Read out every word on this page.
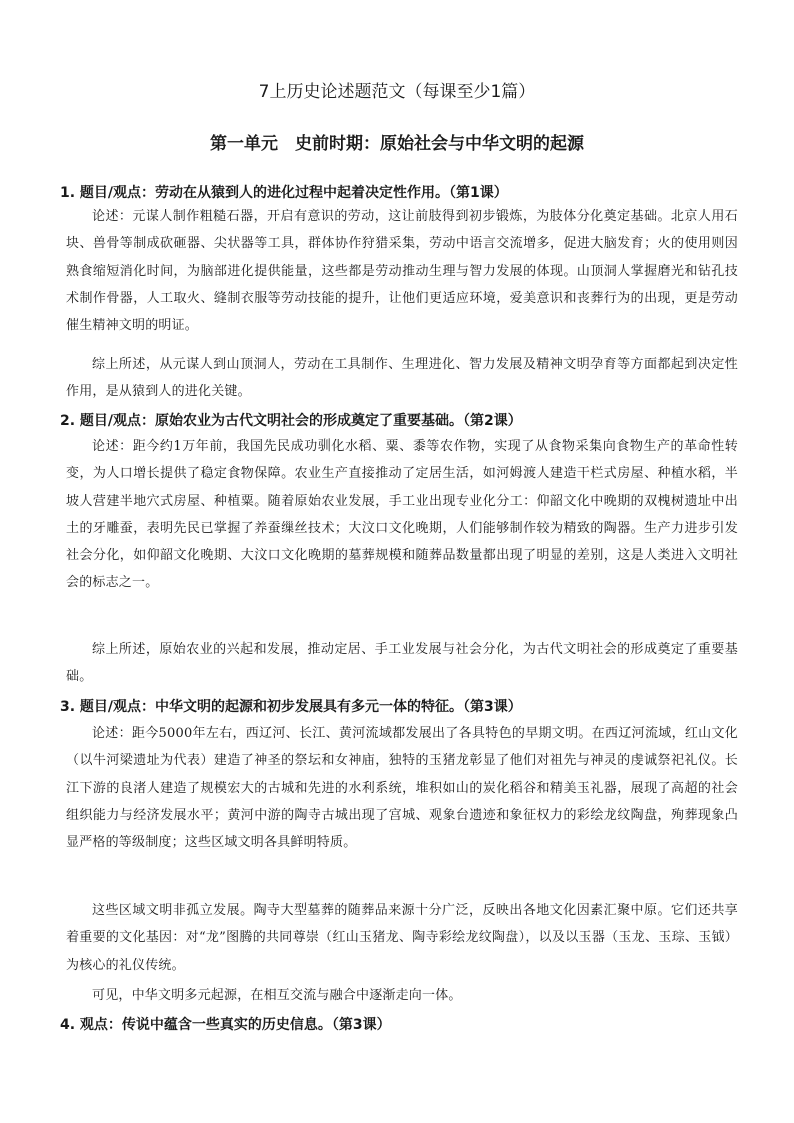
7上历史论述题范文（每课至少1篇）
第一单元　史前时期：原始社会与中华文明的起源
1. 题目/观点：劳动在从猿到人的进化过程中起着决定性作用。（第1课）
论述：元谋人制作粗糙石器，开启有意识的劳动，这让前肢得到初步锻炼，为肢体分化奠定基础。北京人用石块、兽骨等制成砍砸器、尖状器等工具，群体协作狩猎采集，劳动中语言交流增多，促进大脑发育；火的使用则因熟食缩短消化时间，为脑部进化提供能量，这些都是劳动推动生理与智力发展的体现。山顶洞人掌握磨光和钻孔技术制作骨器，人工取火、缝制衣服等劳动技能的提升，让他们更适应环境，爱美意识和丧葬行为的出现，更是劳动催生精神文明的明证。
综上所述，从元谋人到山顶洞人，劳动在工具制作、生理进化、智力发展及精神文明孕育等方面都起到决定性作用，是从猿到人的进化关键。
2. 题目/观点：原始农业为古代文明社会的形成奠定了重要基础。（第2课）
论述：距今约1万年前，我国先民成功驯化水稻、粟、黍等农作物，实现了从食物采集向食物生产的革命性转变，为人口增长提供了稳定食物保障。农业生产直接推动了定居生活，如河姆渡人建造干栏式房屋、种植水稻，半坡人营建半地穴式房屋、种植粟。随着原始农业发展，手工业出现专业化分工：仰韶文化中晚期的双槐树遗址中出土的牙雕蚕，表明先民已掌握了养蚕缫丝技术；大汶口文化晚期，人们能够制作较为精致的陶器。生产力进步引发社会分化，如仰韶文化晚期、大汶口文化晚期的墓葬规模和随葬品数量都出现了明显的差别，这是人类进入文明社会的标志之一。
综上所述，原始农业的兴起和发展，推动定居、手工业发展与社会分化，为古代文明社会的形成奠定了重要基础。
3. 题目/观点：中华文明的起源和初步发展具有多元一体的特征。（第3课）
论述：距今5000年左右，西辽河、长江、黄河流域都发展出了各具特色的早期文明。在西辽河流域，红山文化（以牛河梁遗址为代表）建造了神圣的祭坛和女神庙，独特的玉猪龙彰显了他们对祖先与神灵的虔诚祭祀礼仪。长江下游的良渚人建造了规模宏大的古城和先进的水利系统，堆积如山的炭化稻谷和精美玉礼器，展现了高超的社会组织能力与经济发展水平；黄河中游的陶寺古城出现了宫城、观象台遗迹和象征权力的彩绘龙纹陶盘，殉葬现象凸显严格的等级制度；这些区域文明各具鲜明特质。
这些区域文明非孤立发展。陶寺大型墓葬的随葬品来源十分广泛，反映出各地文化因素汇聚中原。它们还共享着重要的文化基因：对“龙”图腾的共同尊崇（红山玉猪龙、陶寺彩绘龙纹陶盘），以及以玉器（玉龙、玉琮、玉钺）为核心的礼仪传统。
可见，中华文明多元起源，在相互交流与融合中逐渐走向一体。
4. 观点：传说中蕴含一些真实的历史信息。（第3课）
